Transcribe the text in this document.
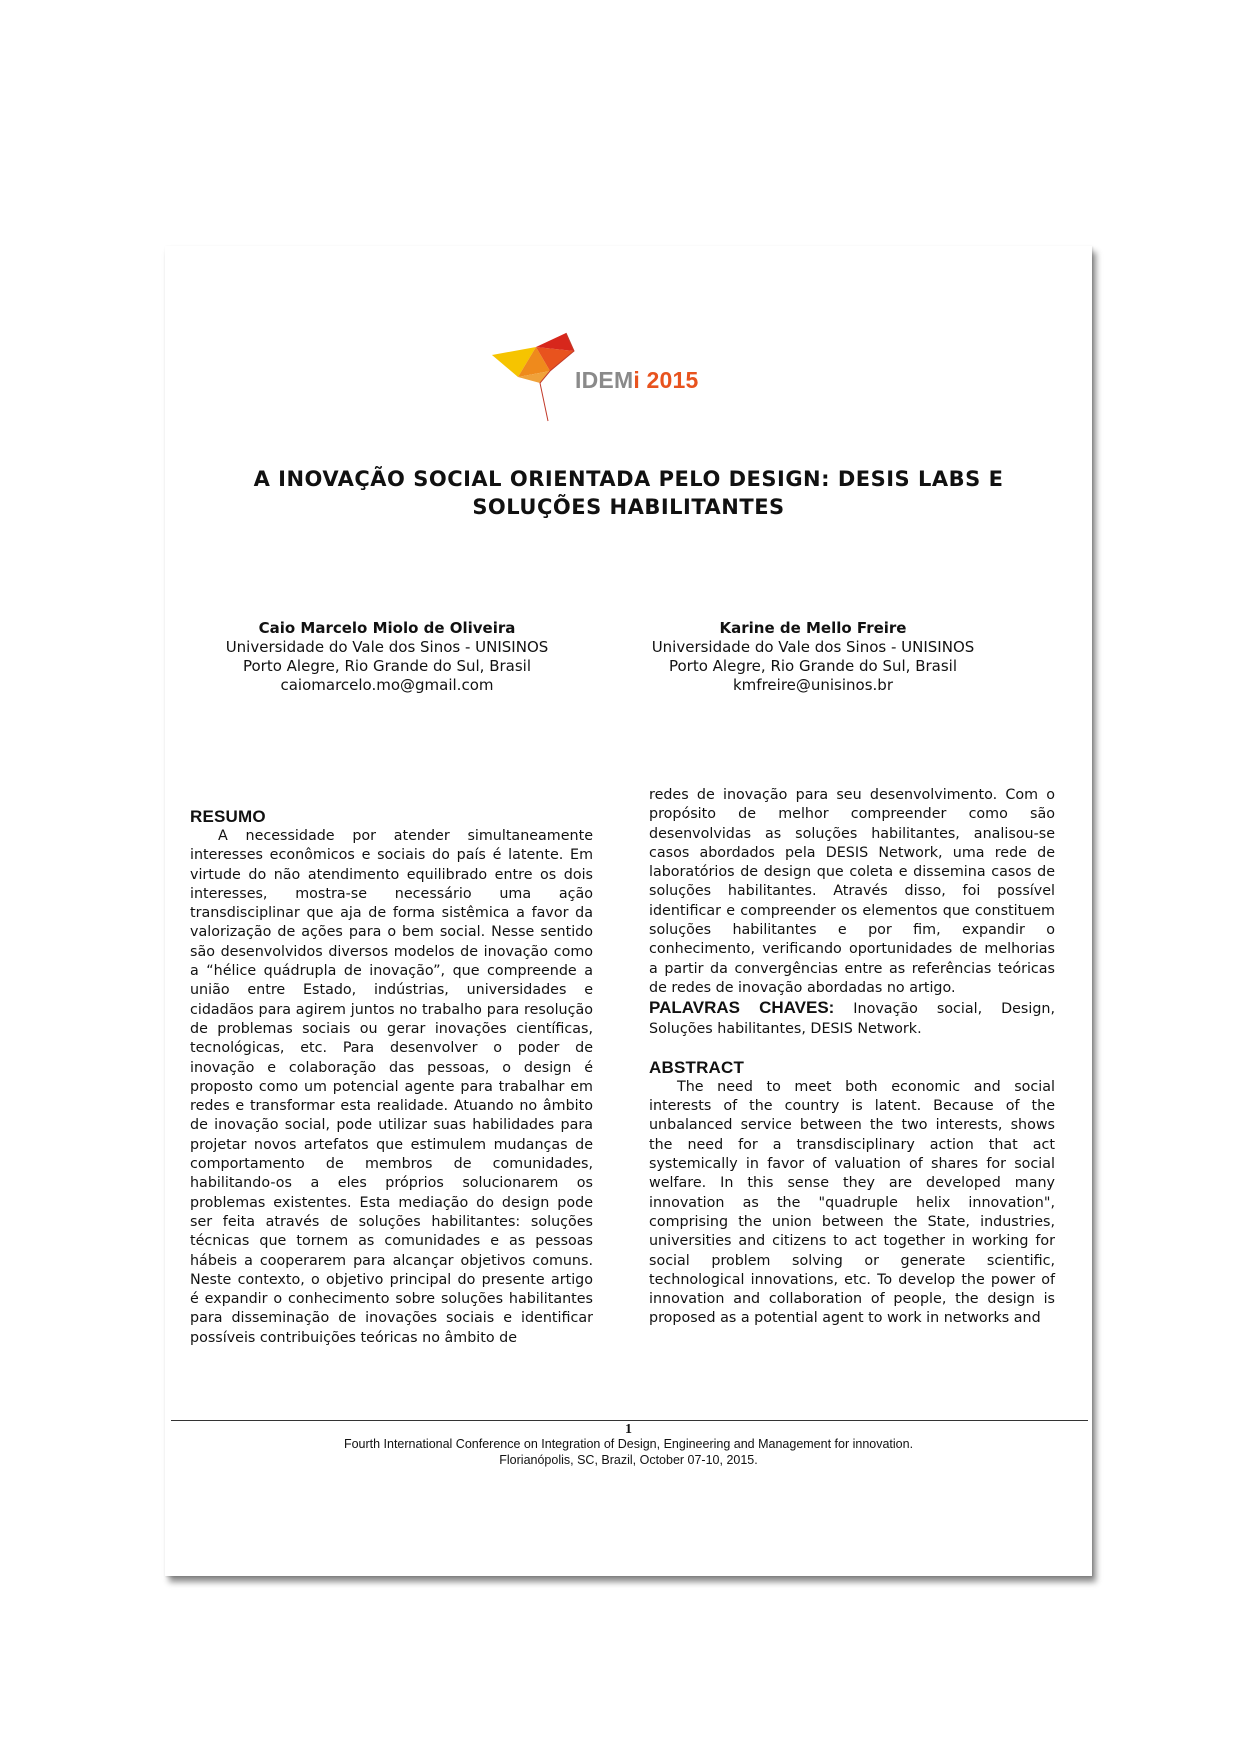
IDEMi 2015
A INOVAÇÃO SOCIAL ORIENTADA PELO DESIGN: DESIS LABS E SOLUÇÕES HABILITANTES
Caio Marcelo Miolo de Oliveira
Universidade do Vale dos Sinos - UNISINOS
Porto Alegre, Rio Grande do Sul, Brasil
caiomarcelo.mo@gmail.com
Karine de Mello Freire
Universidade do Vale dos Sinos - UNISINOS
Porto Alegre, Rio Grande do Sul, Brasil
kmfreire@unisinos.br
RESUMO

A necessidade por atender simultaneamente interesses econômicos e sociais do país é latente. Em virtude do não atendimento equilibrado entre os dois interesses, mostra-se necessário uma ação transdisciplinar que aja de forma sistêmica a favor da valorização de ações para o bem social. Nesse sentido são desenvolvidos diversos modelos de inovação como a “hélice quádrupla de inovação”, que compreende a união entre Estado, indústrias, universidades e cidadãos para agirem juntos no trabalho para resolução de problemas sociais ou gerar inovações científicas, tecnológicas, etc. Para desenvolver o poder de inovação e colaboração das pessoas, o design é proposto como um potencial agente para trabalhar em redes e transformar esta realidade. Atuando no âmbito de inovação social, pode utilizar suas habilidades para projetar novos artefatos que estimulem mudanças de comportamento de membros de comunidades, habilitando-os a eles próprios solucionarem os problemas existentes. Esta mediação do design pode ser feita através de soluções habilitantes: soluções técnicas que tornem as comunidades e as pessoas hábeis a cooperarem para alcançar objetivos comuns. Neste contexto, o objetivo principal do presente artigo é expandir o conhecimento sobre soluções habilitantes para disseminação de inovações sociais e identificar possíveis contribuições teóricas no âmbito de

redes de inovação para seu desenvolvimento. Com o propósito de melhor compreender como são desenvolvidas as soluções habilitantes, analisou-se casos abordados pela DESIS Network, uma rede de laboratórios de design que coleta e dissemina casos de soluções habilitantes. Através disso, foi possível identificar e compreender os elementos que constituem soluções habilitantes e por fim, expandir o conhecimento, verificando oportunidades de melhorias a partir da convergências entre as referências teóricas de redes de inovação abordadas no artigo.

PALAVRAS CHAVES: Inovação social, Design, Soluções habilitantes, DESIS Network.

ABSTRACT

The need to meet both economic and social interests of the country is latent. Because of the unbalanced service between the two interests, shows the need for a transdisciplinary action that act systemically in favor of valuation of shares for social welfare. In this sense they are developed many innovation as the "quadruple helix innovation", comprising the union between the State, industries, universities and citizens to act together in working for social problem solving or generate scientific, technological innovations, etc. To develop the power of innovation and collaboration of people, the design is proposed as a potential agent to work in networks and

1
Fourth International Conference on Integration of Design, Engineering and Management for innovation.
Florianópolis, SC, Brazil, October 07-10, 2015.
